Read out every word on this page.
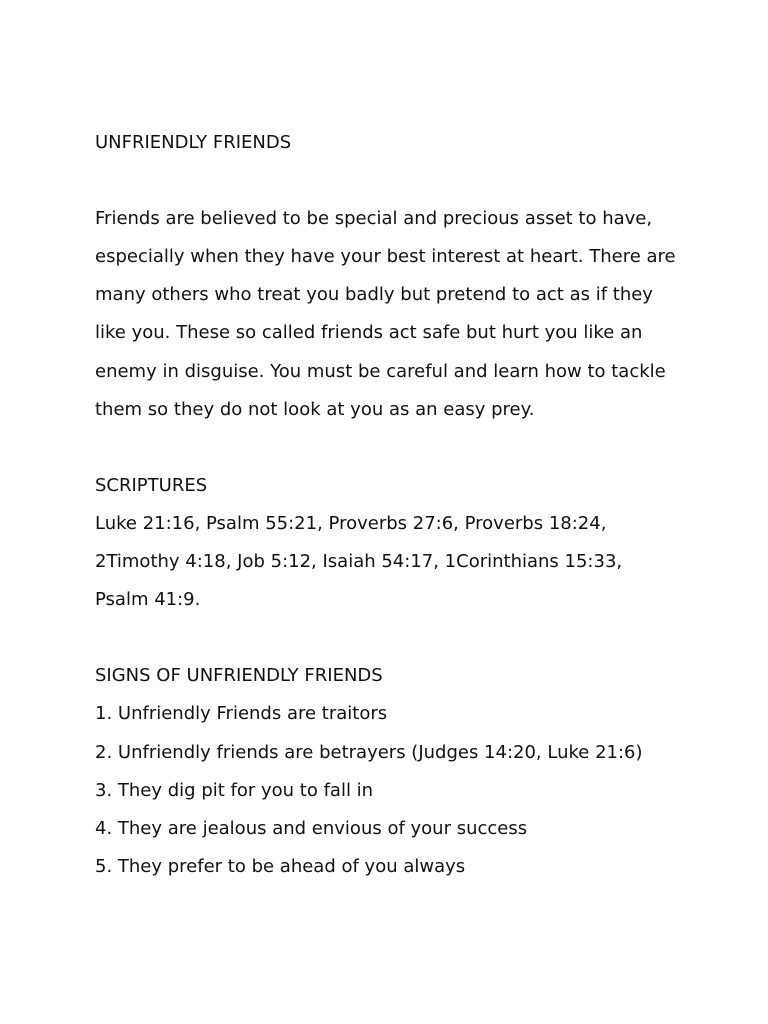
UNFRIENDLY FRIENDS

Friends are believed to be special and precious asset to have,
especially when they have your best interest at heart. There are
many others who treat you badly but pretend to act as if they
like you. These so called friends act safe but hurt you like an
enemy in disguise. You must be careful and learn how to tackle
them so they do not look at you as an easy prey.

SCRIPTURES

Luke 21:16, Psalm 55:21, Proverbs 27:6, Proverbs 18:24,
2Timothy 4:18, Job 5:12, Isaiah 54:17, 1Corinthians 15:33,
Psalm 41:9.

SIGNS OF UNFRIENDLY FRIENDS
1. Unfriendly Friends are traitors
2. Unfriendly friends are betrayers (Judges 14:20, Luke 21:6)
3. They dig pit for you to fall in
4. They are jealous and envious of your success
5. They prefer to be ahead of you always
